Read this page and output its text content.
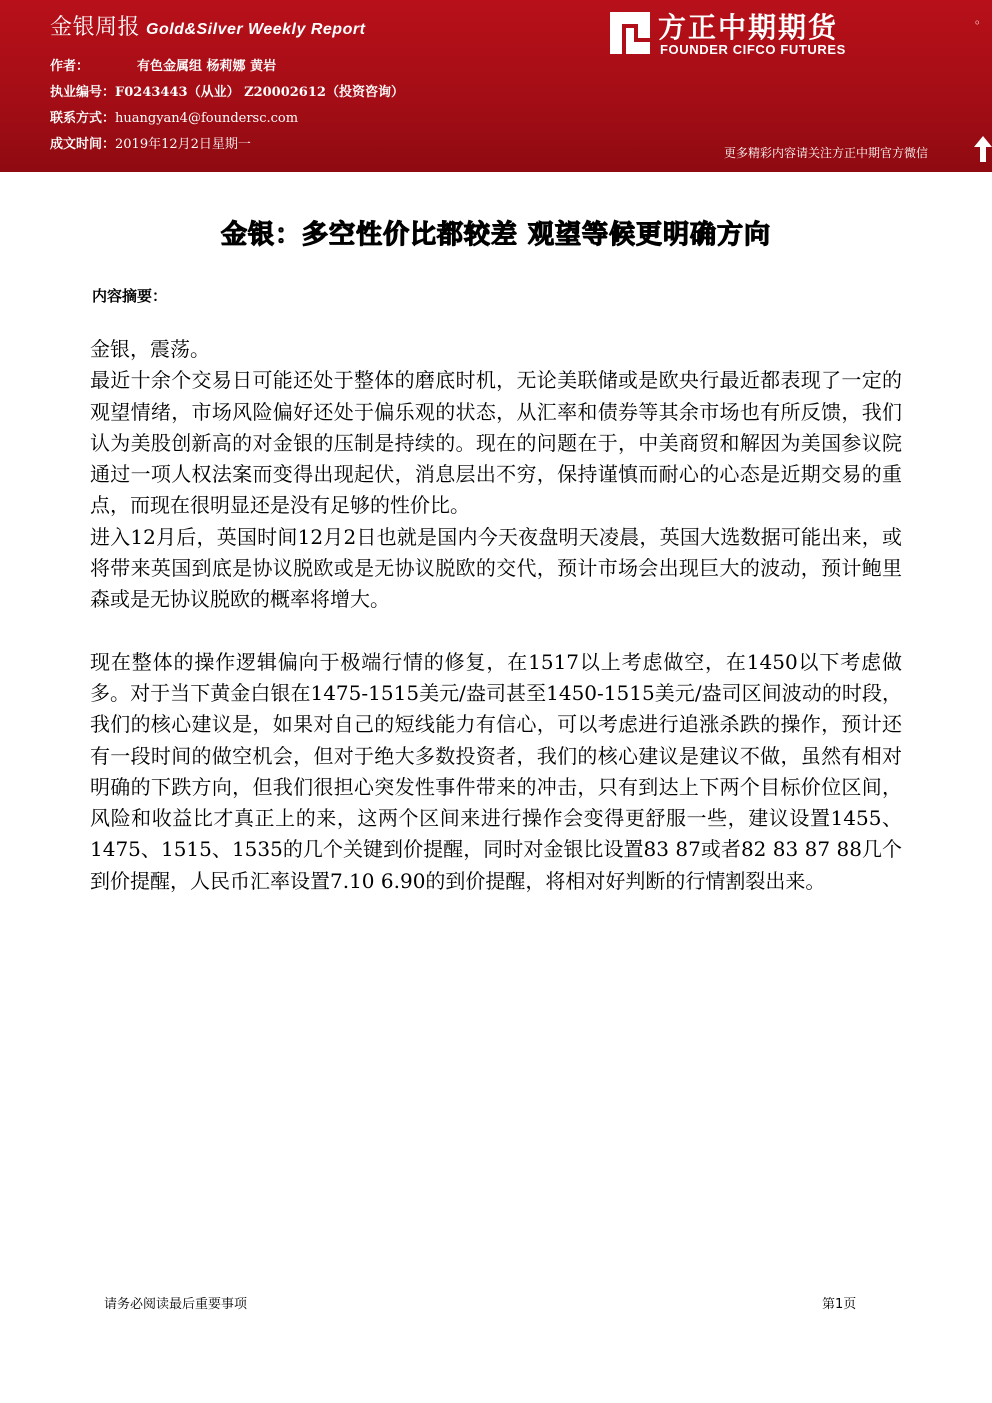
金银周报 Gold&Silver Weekly Report
作者：	有色金属组 杨莉娜 黄岩
执业编号：F0243443（从业） Z20002612（投资咨询）
联系方式：huangyan4@foundersc.com
成文时间：2019年12月2日星期一
方正中期期货
FOUNDER CIFCO FUTURES
。
更多精彩内容请关注方正中期官方微信
金银：多空性价比都较差 观望等候更明确方向
内容摘要：

金银，震荡。

最近十余个交易日可能还处于整体的磨底时机，无论美联储或是欧央行最近都表现了一定的观望情绪，市场风险偏好还处于偏乐观的状态，从汇率和债券等其余市场也有所反馈，我们认为美股创新高的对金银的压制是持续的。现在的问题在于，中美商贸和解因为美国参议院通过一项人权法案而变得出现起伏，消息层出不穷，保持谨慎而耐心的心态是近期交易的重点，而现在很明显还是没有足够的性价比。

进入12月后，英国时间12月2日也就是国内今天夜盘明天凌晨，英国大选数据可能出来，或将带来英国到底是协议脱欧或是无协议脱欧的交代，预计市场会出现巨大的波动，预计鲍里森或是无协议脱欧的概率将增大。

现在整体的操作逻辑偏向于极端行情的修复，在1517以上考虑做空，在1450以下考虑做多。对于当下黄金白银在1475-1515美元/盎司甚至1450-1515美元/盎司区间波动的时段，我们的核心建议是，如果对自己的短线能力有信心，可以考虑进行追涨杀跌的操作，预计还有一段时间的做空机会，但对于绝大多数投资者，我们的核心建议是建议不做，虽然有相对明确的下跌方向，但我们很担心突发性事件带来的冲击，只有到达上下两个目标价位区间，风险和收益比才真正上的来，这两个区间来进行操作会变得更舒服一些，建议设置1455、1475、1515、1535的几个关键到价提醒，同时对金银比设置83 87或者82 83 87 88几个到价提醒，人民币汇率设置7.10 6.90的到价提醒，将相对好判断的行情割裂出来。

请务必阅读最后重要事项	第1页
